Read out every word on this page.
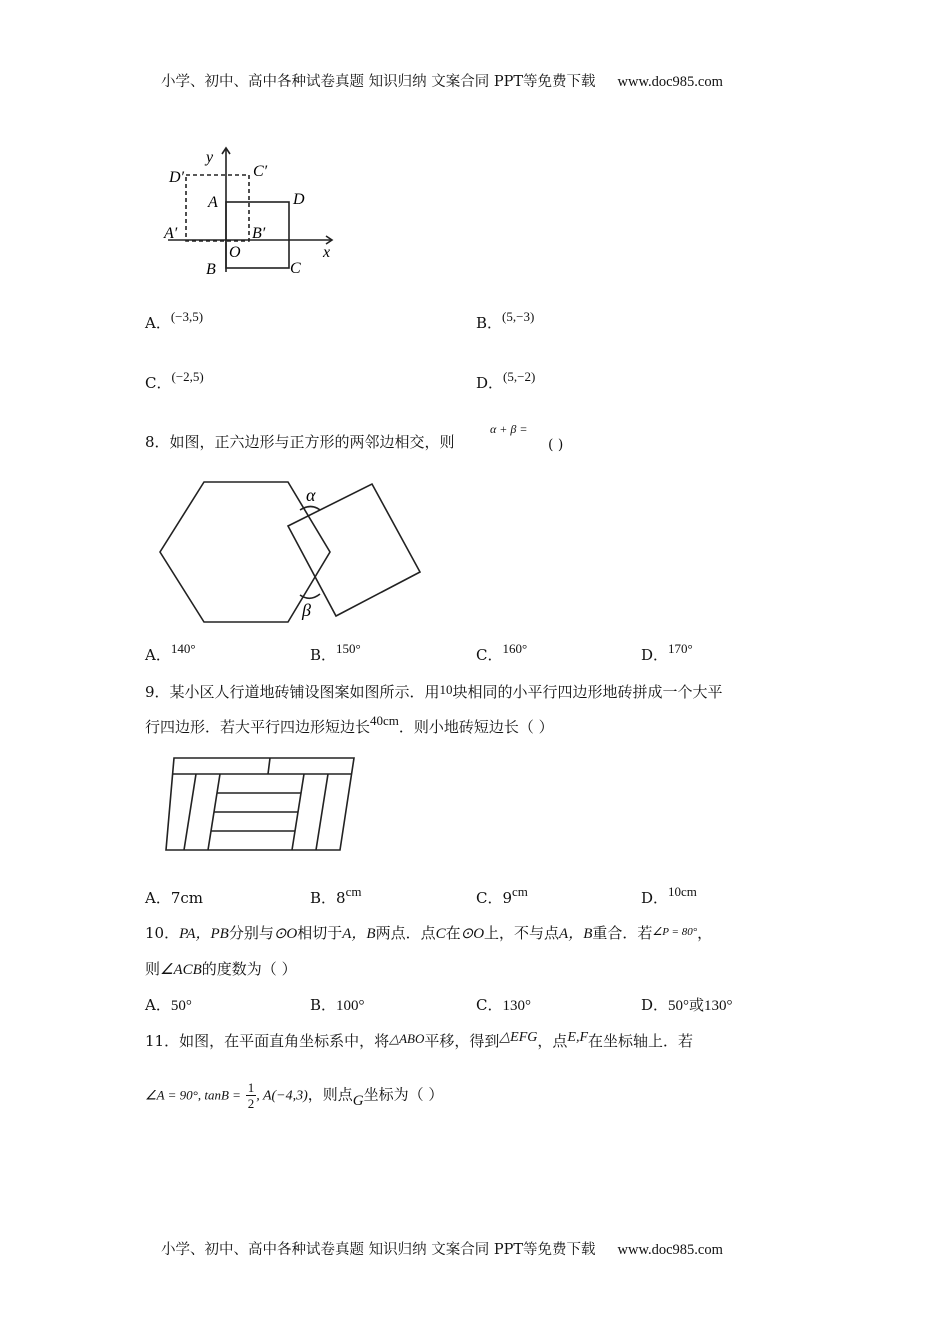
小学、初中、高中各种试卷真题 知识归纳 文案合同 PPT等免费下载 www.doc985.com
y
x
D′	C′
A	D
A′	B′
O
B	C
A．(−3,5)	B．(5,−3)
C．(−2,5)	D．(5,−2)
8．如图，正六边形与正方形的两邻边相交，则
α + β =
( )
α
β
A．140°	B．150°	C．160°	D．170°
9．某小区人行道地砖铺设图案如图所示．用10块相同的小平行四边形地砖拼成一个大平
行四边形．若大平行四边形短边长40cm．则小地砖短边长（ ）
A．7cm	B．8cm	C．9cm	D．10cm
10．PA，PB分别与⊙O相切于A，B两点．点C在⊙O上，不与点A，B重合．若$^{\angle P = 80^\circ}$，
则∠ACB的度数为（ ）
A．50°	B．100°	C．130°	D．50°或130°
11．如图，在平面直角坐标系中，将△ABO平移，得到△EFG，点E,F在坐标轴上．若
∠A = 90°, $\tan B = \frac{1}{2}$ , A(−4,3)，则点G坐标为（ ）
小学、初中、高中各种试卷真题 知识归纳 文案合同 PPT等免费下载 www.doc985.com
